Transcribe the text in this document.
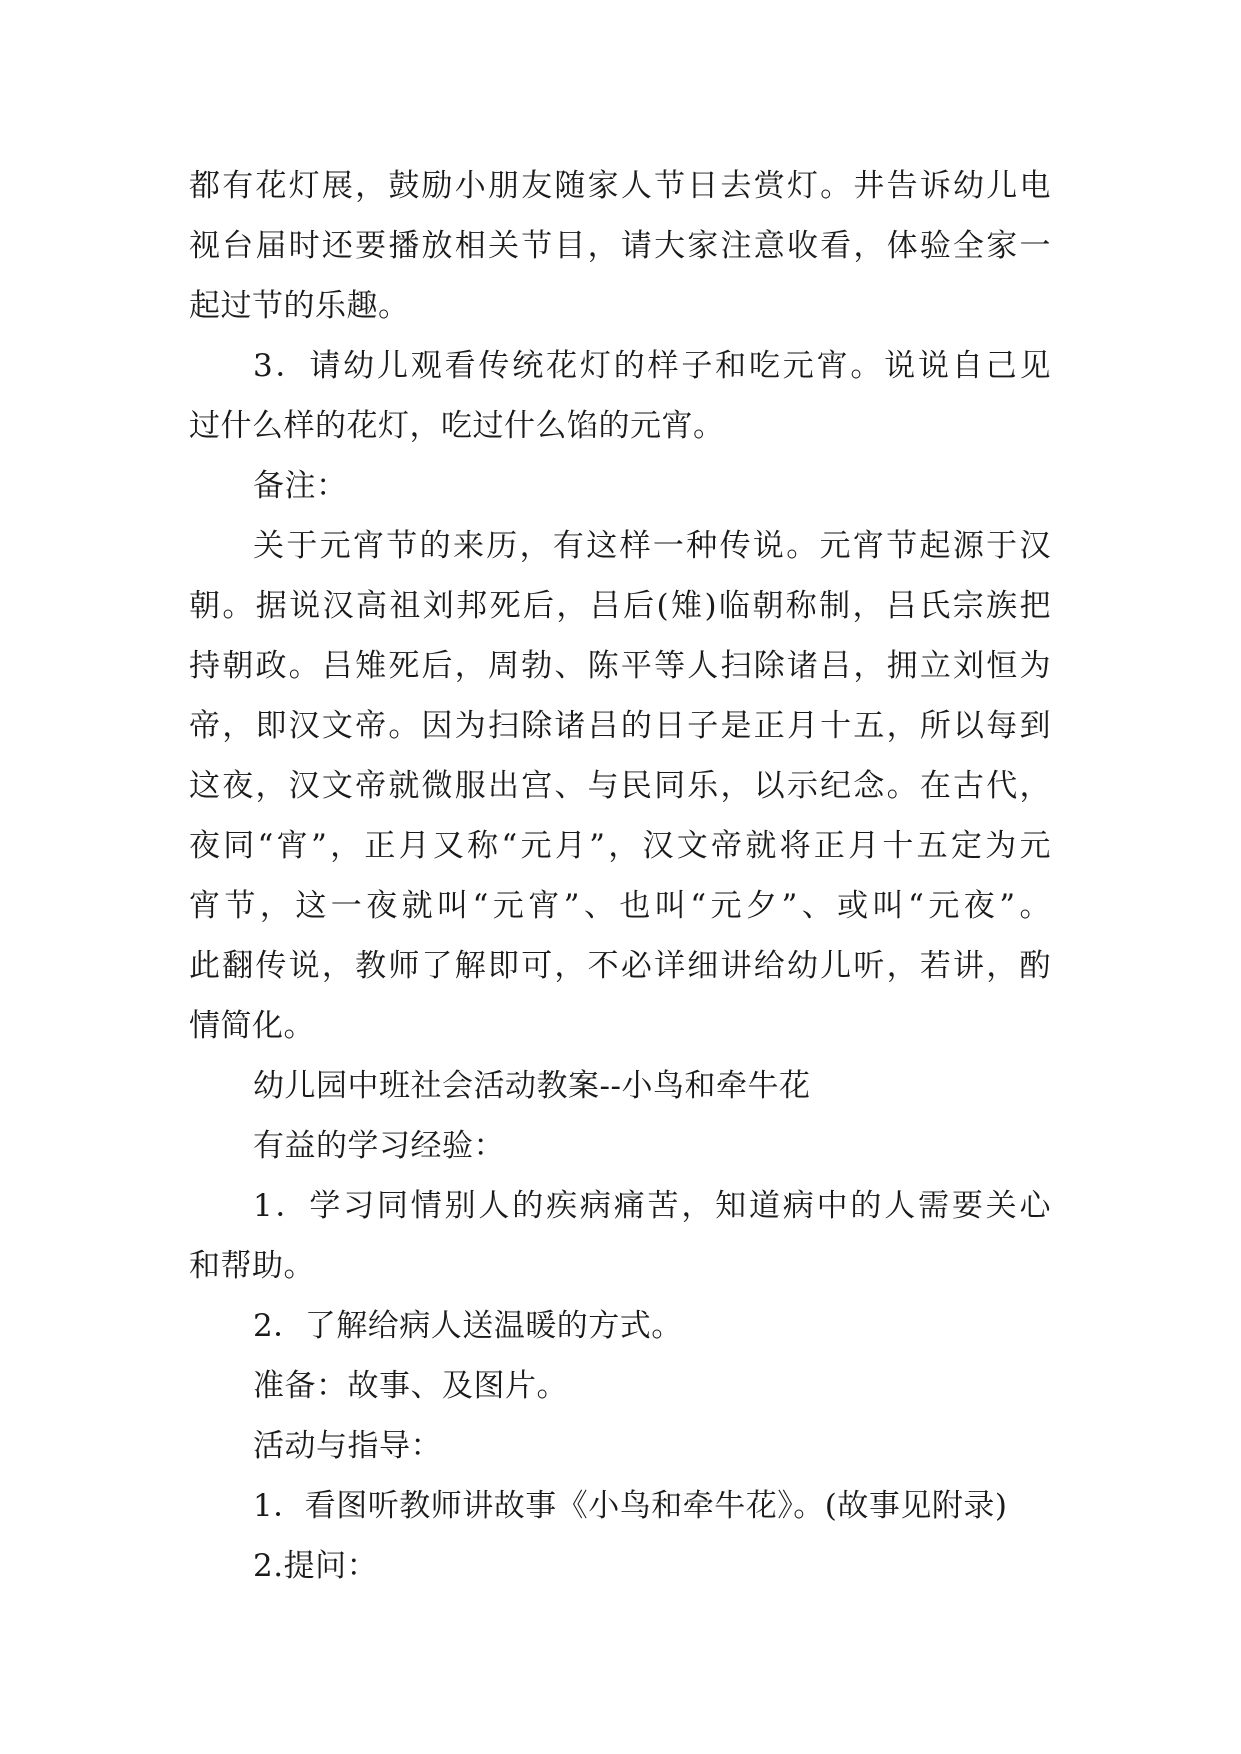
都有花灯展，鼓励小朋友随家人节日去赏灯。井告诉幼儿电
视台届时还要播放相关节目，请大家注意收看，体验全家一
起过节的乐趣。
3．请幼儿观看传统花灯的样子和吃元宵。说说自己见
过什么样的花灯，吃过什么馅的元宵。
备注：
关于元宵节的来历，有这样一种传说。元宵节起源于汉
朝。据说汉高祖刘邦死后，吕后(雉)临朝称制，吕氏宗族把
持朝政。吕雉死后，周勃、陈平等人扫除诸吕，拥立刘恒为
帝，即汉文帝。因为扫除诸吕的日子是正月十五，所以每到
这夜，汉文帝就微服出宫、与民同乐，以示纪念。在古代，
夜同“宵”，正月又称“元月”，汉文帝就将正月十五定为元
宵节，这一夜就叫“元宵”、也叫“元夕”、或叫“元夜”。
此翻传说，教师了解即可，不必详细讲给幼儿听，若讲，酌
情简化。
幼儿园中班社会活动教案--小鸟和牵牛花
有益的学习经验：
1．学习同情别人的疾病痛苦，知道病中的人需要关心
和帮助。
2．了解给病人送温暖的方式。
准备：故事、及图片。
活动与指导：
1．看图听教师讲故事《小鸟和牵牛花》。(故事见附录)
2.提问：
